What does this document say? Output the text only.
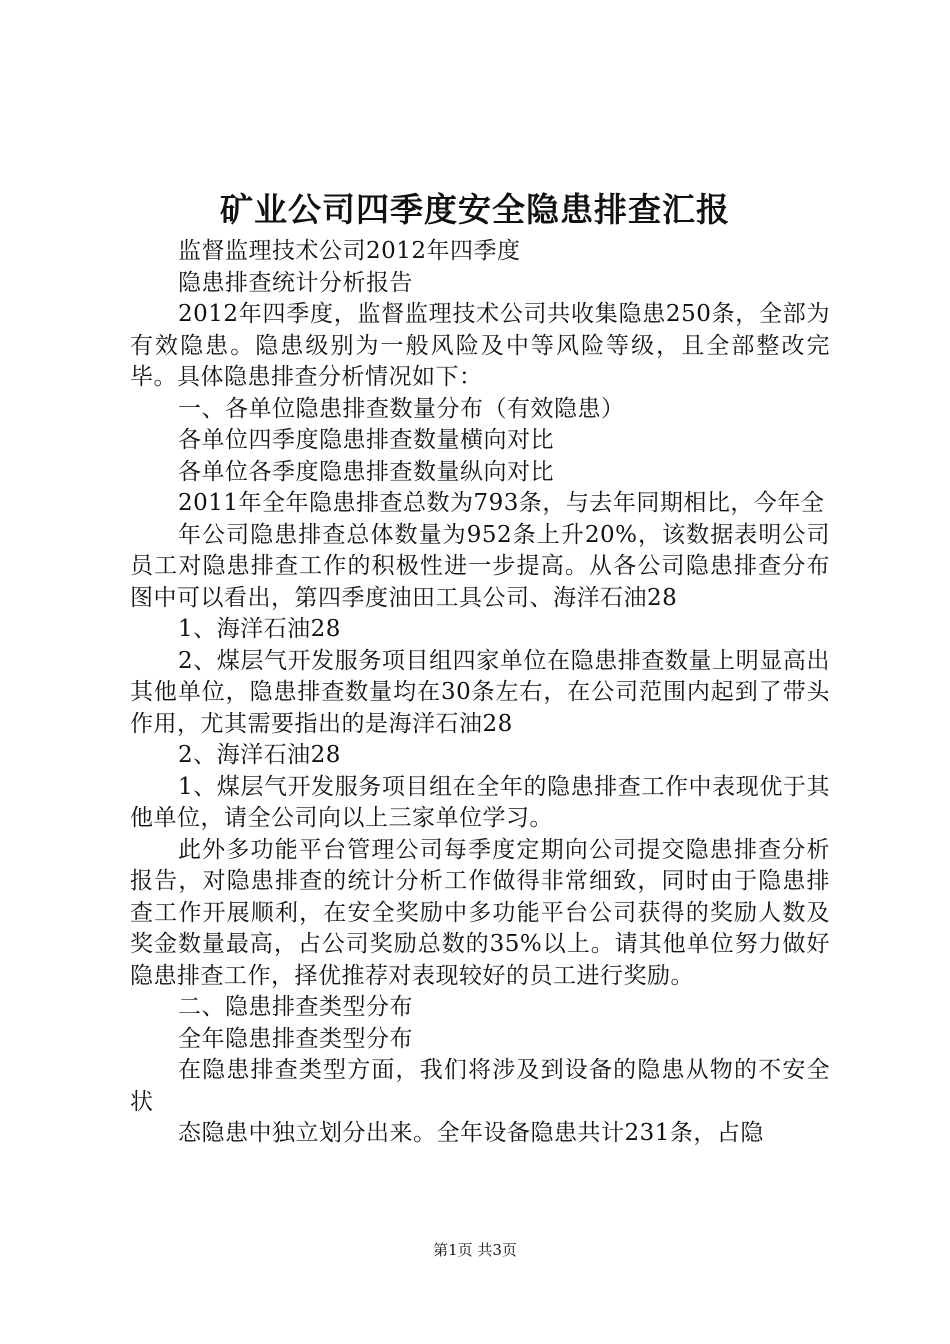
矿业公司四季度安全隐患排查汇报

监督监理技术公司2012年四季度

隐患排查统计分析报告

2012年四季度，监督监理技术公司共收集隐患250条，全部为有效隐患。隐患级别为一般风险及中等风险等级，且全部整改完毕。具体隐患排查分析情况如下：

一、各单位隐患排查数量分布（有效隐患）

各单位四季度隐患排查数量横向对比

各单位各季度隐患排查数量纵向对比

2011年全年隐患排查总数为793条，与去年同期相比，今年全

年公司隐患排查总体数量为952条上升20%，该数据表明公司员工对隐患排查工作的积极性进一步提高。从各公司隐患排查分布图中可以看出，第四季度油田工具公司、海洋石油28

1、海洋石油28

2、煤层气开发服务项目组四家单位在隐患排查数量上明显高出其他单位，隐患排查数量均在30条左右，在公司范围内起到了带头作用，尤其需要指出的是海洋石油28

2、海洋石油28

1、煤层气开发服务项目组在全年的隐患排查工作中表现优于其他单位，请全公司向以上三家单位学习。

此外多功能平台管理公司每季度定期向公司提交隐患排查分析报告，对隐患排查的统计分析工作做得非常细致，同时由于隐患排查工作开展顺利，在安全奖励中多功能平台公司获得的奖励人数及奖金数量最高，占公司奖励总数的35%以上。请其他单位努力做好隐患排查工作，择优推荐对表现较好的员工进行奖励。

二、隐患排查类型分布

全年隐患排查类型分布

在隐患排查类型方面，我们将涉及到设备的隐患从物的不安全状

态隐患中独立划分出来。全年设备隐患共计231条，占隐

第1页 共3页
